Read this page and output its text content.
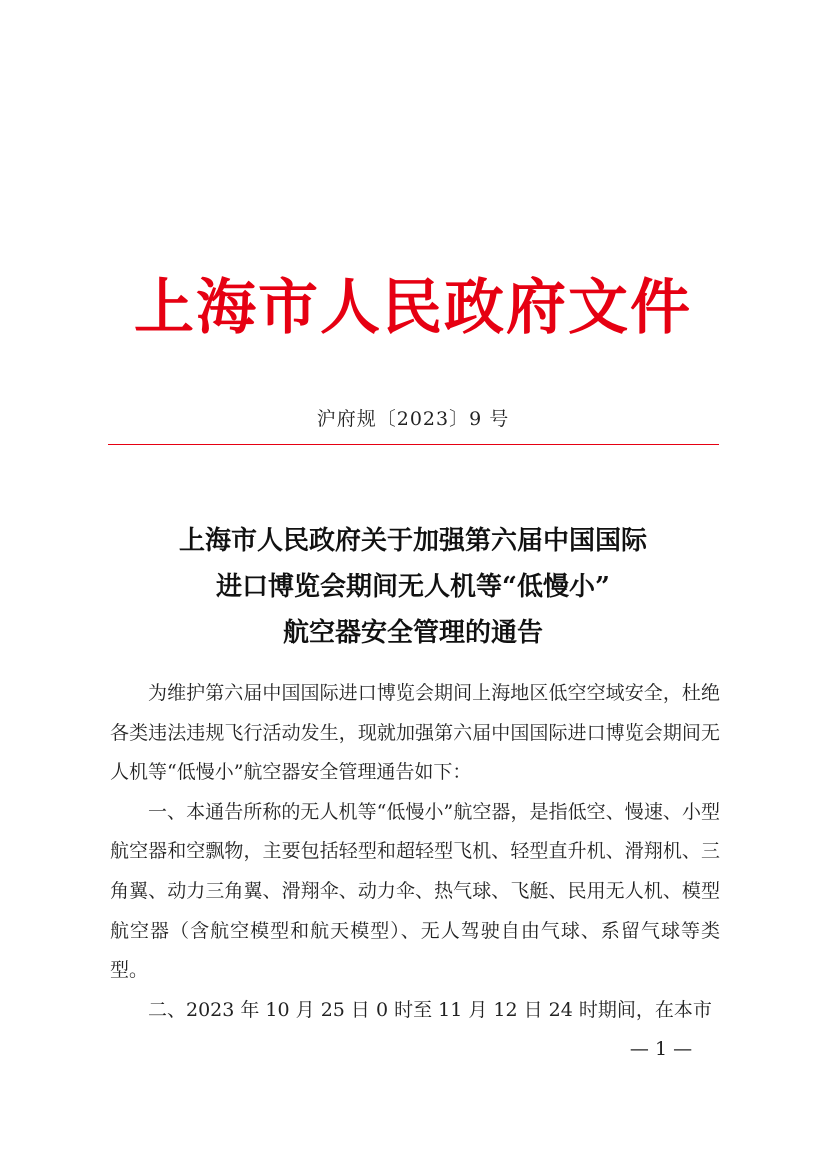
上海市人民政府文件
沪府规〔2023〕9 号
上海市人民政府关于加强第六届中国国际
进口博览会期间无人机等“低慢小”
航空器安全管理的通告

为维护第六届中国国际进口博览会期间上海地区低空空域安全，杜绝各类违法违规飞行活动发生，现就加强第六届中国国际进口博览会期间无人机等“低慢小”航空器安全管理通告如下：

一、本通告所称的无人机等“低慢小”航空器，是指低空、慢速、小型航空器和空飘物，主要包括轻型和超轻型飞机、轻型直升机、滑翔机、三角翼、动力三角翼、滑翔伞、动力伞、热气球、飞艇、民用无人机、模型航空器（含航空模型和航天模型）、无人驾驶自由气球、系留气球等类型。

二、2023 年 10 月 25 日 0 时至 11 月 12 日 24 时期间，在本市

— 1 —
